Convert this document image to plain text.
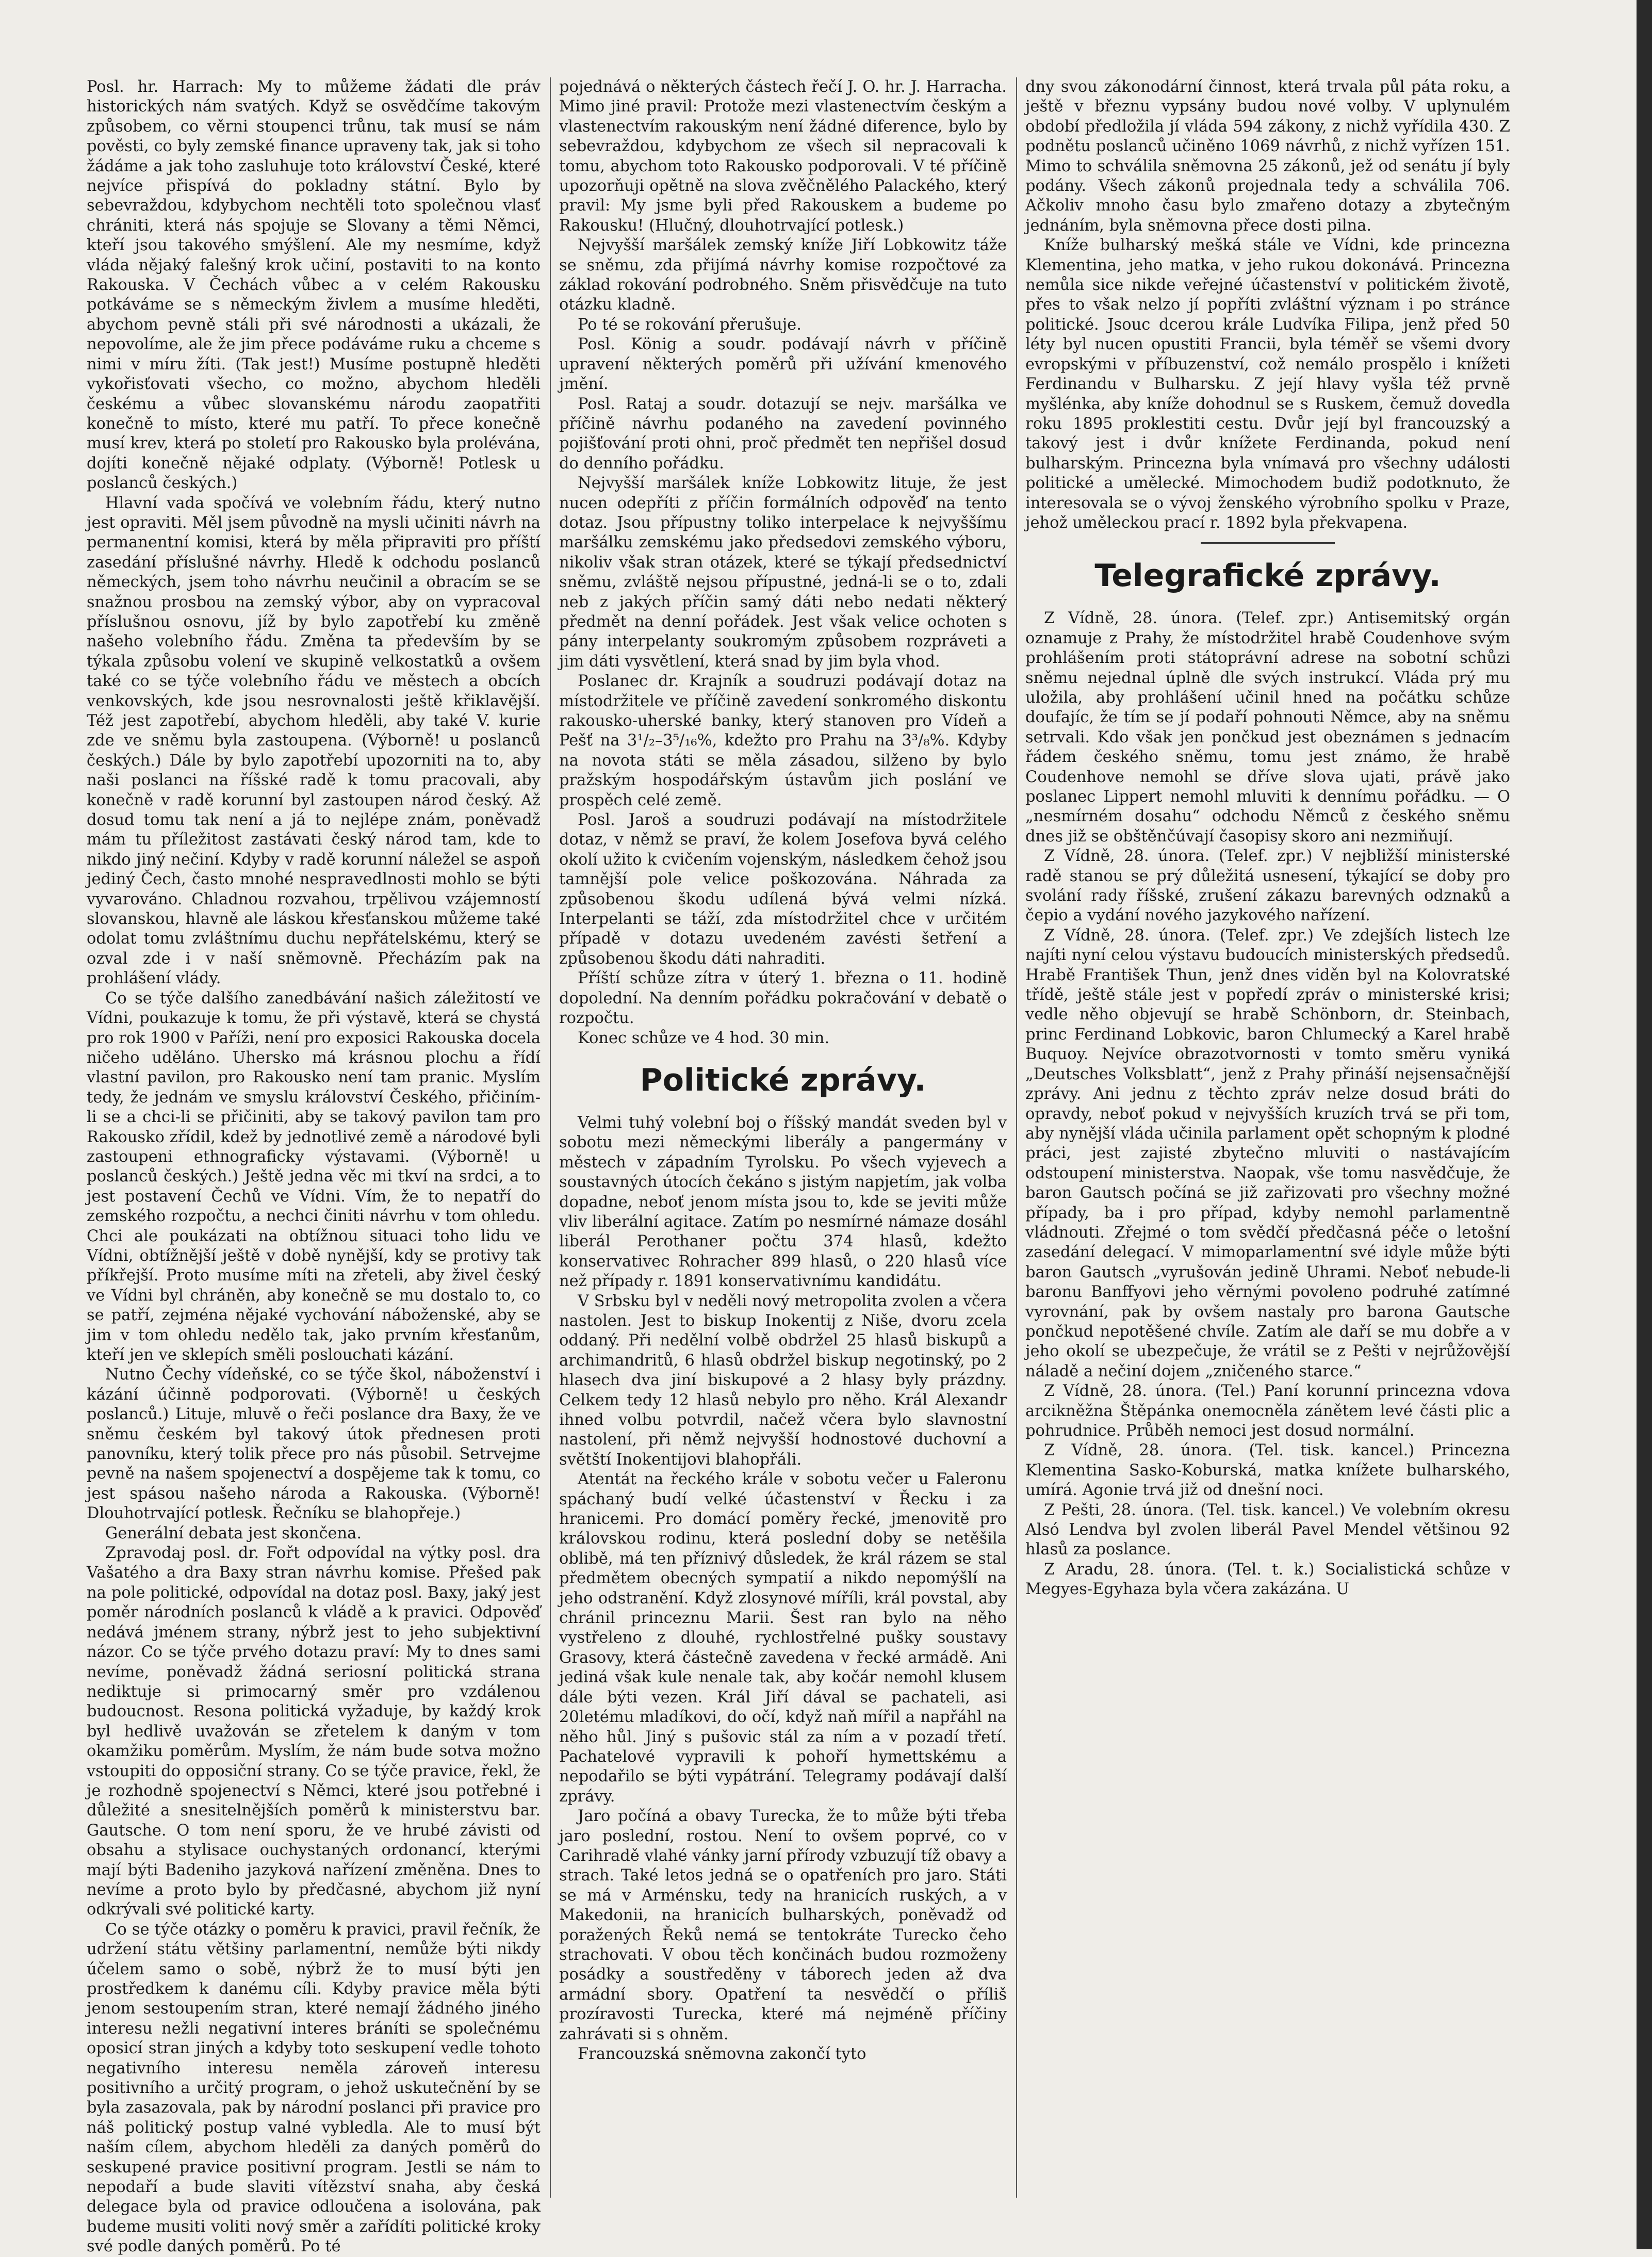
Posl. hr. Harrach: My to můžeme žádati dle práv historických nám svatých. Když se osvědčíme takovým způsobem, co věrni stoupenci trůnu, tak musí se nám pověsti, co byly zemské finance upraveny tak, jak si toho žádáme a jak toho zasluhuje toto království České, které nejvíce přispívá do pokladny státní. Bylo by sebevraždou, kdybychom nechtěli toto společnou vlasť chrániti, která nás spojuje se Slovany a těmi Němci, kteří jsou takového smýšlení. Ale my nesmíme, když vláda nějaký falešný krok učiní, postaviti to na konto Rakouska. V Čechách vůbec a v celém Rakousku potkáváme se s německým živlem a musíme hleděti, abychom pevně stáli při své národnosti a ukázali, že nepovolíme, ale že jim přece podáváme ruku a chceme s nimi v míru žíti. (Tak jest!) Musíme postupně hleděti vykořisťovati všecho, co možno, abychom hleděli českému a vůbec slovanskému národu zaopatřiti konečně to místo, které mu patří. To přece konečně musí krev, která po století pro Rakousko byla prolévána, dojíti konečně nějaké odplaty. (Výborně! Potlesk u poslanců českých.)

Hlavní vada spočívá ve volebním řádu, který nutno jest opraviti. Měl jsem původně na mysli učiniti návrh na permanentní komisi, která by měla připraviti pro příští zasedání příslušné návrhy. Hledě k odchodu poslanců německých, jsem toho návrhu neučinil a obracím se se snažnou prosbou na zemský výbor, aby on vypracoval příslušnou osnovu, jíž by bylo zapotřebí ku změně našeho volebního řádu. Změna ta především by se týkala způsobu volení ve skupině velkostatků a ovšem také co se týče volebního řádu ve městech a obcích venkovských, kde jsou nesrovnalosti ještě křiklavější. Též jest zapotřebí, abychom hleděli, aby také V. kurie zde ve sněmu byla zastoupena. (Výborně! u poslanců českých.) Dále by bylo zapotřebí upozorniti na to, aby naši poslanci na říšské radě k tomu pracovali, aby konečně v radě korunní byl zastoupen národ český. Až dosud tomu tak není a já to nejlépe znám, poněvadž mám tu příležitost zastávati český národ tam, kde to nikdo jiný nečiní. Kdyby v radě korunní náležel se aspoň jediný Čech, často mnohé nespravedlnosti mohlo se býti vyvarováno. Chladnou rozvahou, trpělivou vzájemností slovanskou, hlavně ale láskou křesťanskou můžeme také odolat tomu zvláštnímu duchu nepřátelskému, který se ozval zde i v naší sněmovně. Přecházím pak na prohlášení vlády.

Co se týče dalšího zanedbávání našich záležitostí ve Vídni, poukazuje k tomu, že při výstavě, která se chystá pro rok 1900 v Paříži, není pro exposici Rakouska docela ničeho uděláno. Uhersko má krásnou plochu a řídí vlastní pavilon, pro Rakousko není tam pranic. Myslím tedy, že jednám ve smyslu království Českého, přičiním-li se a chci-li se přičiniti, aby se takový pavilon tam pro Rakousko zřídil, kdež by jednotlivé země a národové byli zastoupeni ethnograficky výstavami. (Výborně! u poslanců českých.) Ještě jedna věc mi tkví na srdci, a to jest postavení Čechů ve Vídni. Vím, že to nepatří do zemského rozpočtu, a nechci činiti návrhu v tom ohledu. Chci ale poukázati na obtížnou situaci toho lidu ve Vídni, obtížnější ještě v době nynější, kdy se protivy tak příkřejší. Proto musíme míti na zřeteli, aby živel český ve Vídni byl chráněn, aby konečně se mu dostalo to, co se patří, zejména nějaké vychování náboženské, aby se jim v tom ohledu nedělo tak, jako prvním křesťanům, kteří jen ve sklepích směli poslouchati kázání.

Nutno Čechy vídeňské, co se týče škol, náboženství i kázání účinně podporovati. (Výborně! u českých poslanců.) Lituje, mluvě o řeči poslance dra Baxy, že ve sněmu českém byl takový útok přednesen proti panovníku, který tolik přece pro nás působil. Setrvejme pevně na našem spojenectví a dospějeme tak k tomu, co jest spásou našeho národa a Rakouska. (Výborně! Dlouhotrvající potlesk. Řečníku se blahopřeje.)

Generální debata jest skončena.

Zpravodaj posl. dr. Fořt odpovídal na výtky posl. dra Vašatého a dra Baxy stran návrhu komise. Přešed pak na pole politické, odpovídal na dotaz posl. Baxy, jaký jest poměr národních poslanců k vládě a k pravici. Odpověď nedává jménem strany, nýbrž jest to jeho subjektivní názor. Co se týče prvého dotazu praví: My to dnes sami nevíme, poněvadž žádná seriosní politická strana nediktuje si primocarný směr pro vzdálenou budoucnost. Resona politická vyžaduje, by každý krok byl hedlivě uvažován se zřetelem k daným v tom okamžiku poměrům. Myslím, že nám bude sotva možno vstoupiti do opposiční strany. Co se týče pravice, řekl, že je rozhodně spojenectví s Němci, které jsou potřebné i důležité a snesitelnějších poměrů k ministerstvu bar. Gautsche. O tom není sporu, že ve hrubé závisti od obsahu a stylisace ouchystaných ordonancí, kterými mají býti Badeniho jazyková nařízení změněna. Dnes to nevíme a proto bylo by předčasné, abychom již nyní odkrývali své politické karty.

Co se týče otázky o poměru k pravici, pravil řečník, že udržení státu většiny parlamentní, nemůže býti nikdy účelem samo o sobě, nýbrž že to musí býti jen prostředkem k danému cíli. Kdyby pravice měla býti jenom sestoupením stran, které nemají žádného jiného interesu nežli negativní interes bráníti se společnému oposicí stran jiných a kdyby toto seskupení vedle tohoto negativního interesu neměla zároveň interesu positivního a určitý program, o jehož uskutečnění by se byla zasazovala, pak by národní poslanci při pravice pro náš politický postup valné vybledla. Ale to musí být naším cílem, abychom hleděli za daných poměrů do seskupené pravice positivní program. Jestli se nám to nepodaří a bude slaviti vítězství snaha, aby česká delegace byla od pravice odloučena a isolována, pak budeme musiti voliti nový směr a zařídíti politické kroky své podle daných poměrů. Po té

pojednává o některých částech řečí J. O. hr. J. Harracha. Mimo jiné pravil: Protože mezi vlastenectvím českým a vlastenectvím rakouským není žádné diference, bylo by sebevraždou, kdybychom ze všech sil nepracovali k tomu, abychom toto Rakousko podporovali. V té příčině upozorňuji opětně na slova zvěčnělého Palackého, který pravil: My jsme byli před Rakouskem a budeme po Rakousku! (Hlučný, dlouhotrvající potlesk.)

Nejvyšší maršálek zemský kníže Jiří Lobkowitz táže se sněmu, zda přijímá návrhy komise rozpočtové za základ rokování podrobného. Sněm přisvědčuje na tuto otázku kladně.

Po té se rokování přerušuje.

Posl. König a soudr. podávají návrh v příčině upravení některých poměrů při užívání kmenového jmění.

Posl. Rataj a soudr. dotazují se nejv. maršálka ve příčině návrhu podaného na zavedení povinného pojišťování proti ohni, proč předmět ten nepřišel dosud do denního pořádku.

Nejvyšší maršálek kníže Lobkowitz lituje, že jest nucen odepříti z příčin formálních odpověď na tento dotaz. Jsou přípustny toliko interpelace k nejvyššímu maršálku zemskému jako předsedovi zemského výboru, nikoliv však stran otázek, které se týkají předsednictví sněmu, zvláště nejsou přípustné, jedná-li se o to, zdali neb z jakých příčin samý dáti nebo nedati některý předmět na denní pořádek. Jest však velice ochoten s pány interpelanty soukromým způsobem rozpráveti a jim dáti vysvětlení, která snad by jim byla vhod.

Poslanec dr. Krajník a soudruzi podávají dotaz na místodržitele ve příčině zavedení sonkromého diskontu rakousko-uherské banky, který stanoven pro Vídeň a Pešť na 3¹/₂–3⁵/₁₆%, kdežto pro Prahu na 3³/₈%. Kdyby na novota státi se měla zásadou, silženo by bylo pražským hospodářským ústavům jich poslání ve prospěch celé země.

Posl. Jaroš a soudruzi podávají na místodržitele dotaz, v němž se praví, že kolem Josefova byvá celého okolí užito k cvičením vojenským, následkem čehož jsou tamnější pole velice poškozována. Náhrada za způsobenou škodu udílená bývá velmi nízká. Interpelanti se táží, zda místodržitel chce v určitém případě v dotazu uvedeném zavésti šetření a způsobenou škodu dáti nahraditi.

Příští schůze zítra v úterý 1. března o 11. hodině dopolední. Na denním pořádku pokračování v debatě o rozpočtu.

Konec schůze ve 4 hod. 30 min.

Politické zprávy.

Velmi tuhý volební boj o říšský mandát sveden byl v sobotu mezi německými liberály a pangermány v městech v západním Tyrolsku. Po všech vyjevech a soustavných útocích čekáno s jistým napjetím, jak volba dopadne, neboť jenom místa jsou to, kde se jeviti může vliv liberální agitace. Zatím po nesmírné námaze dosáhl liberál Perothaner počtu 374 hlasů, kdežto konservativec Rohracher 899 hlasů, o 220 hlasů více než případy r. 1891 konservativnímu kandidátu.

V Srbsku byl v neděli nový metropolita zvolen a včera nastolen. Jest to biskup Inokentij z Niše, dvoru zcela oddaný. Při nedělní volbě obdržel 25 hlasů biskupů a archimandritů, 6 hlasů obdržel biskup negotinský, po 2 hlasech dva jiní biskupové a 2 hlasy byly prázdny. Celkem tedy 12 hlasů nebylo pro něho. Král Alexandr ihned volbu potvrdil, načež včera bylo slavnostní nastolení, při němž nejvyšší hodnostové duchovní a světští Inokentijovi blahopřáli.

Atentát na řeckého krále v sobotu večer u Faleronu spáchaný budí velké účastenství v Řecku i za hranicemi. Pro domácí poměry řecké, jmenovitě pro královskou rodinu, která poslední doby se netěšila oblibě, má ten příznivý důsledek, že král rázem se stal předmětem obecných sympatií a nikdo nepomýšlí na jeho odstranění. Když zlosynové míříli, král povstal, aby chránil princeznu Marii. Šest ran bylo na něho vystřeleno z dlouhé, rychlostřelné pušky soustavy Grasovy, která částečně zavedena v řecké armádě. Ani jediná však kule nenale tak, aby kočár nemohl klusem dále býti vezen. Král Jiří dával se pachateli, asi 20letému mladíkovi, do očí, když naň mířil a napřáhl na něho hůl. Jiný s pušovic stál za ním a v pozadí třetí. Pachatelové vypravili k pohoří hymettskému a nepodařilo se býti vypátrání. Telegramy podávají další zprávy.

Jaro počíná a obavy Turecka, že to může býti třeba jaro poslední, rostou. Není to ovšem poprvé, co v Carihradě vlahé vánky jarní přírody vzbuzují tíž obavy a strach. Také letos jedná se o opatřeních pro jaro. Státi se má v Arménsku, tedy na hranicích ruských, a v Makedonii, na hranicích bulharských, poněvadž od poražených Řeků nemá se tentokráte Turecko čeho strachovati. V obou těch končinách budou rozmoženy posádky a soustředěny v táborech jeden až dva armádní sbory. Opatření ta nesvědčí o příliš prozíravosti Turecka, které má nejméně příčiny zahrávati si s ohněm.

Francouzská sněmovna zakončí tyto

dny svou zákonodární činnost, která trvala půl páta roku, a ještě v březnu vypsány budou nové volby. V uplynulém období předložila jí vláda 594 zákony, z nichž vyřídila 430. Z podnětu poslanců učiněno 1069 návrhů, z nichž vyřízen 151. Mimo to schválila sněmovna 25 zákonů, jež od senátu jí byly podány. Všech zákonů projednala tedy a schválila 706. Ačkoliv mnoho času bylo zmařeno dotazy a zbytečným jednáním, byla sněmovna přece dosti pilna.

Kníže bulharský mešká stále ve Vídni, kde princezna Klementina, jeho matka, v jeho rukou dokonává. Princezna nemůla sice nikde veřejné účastenství v politickém životě, přes to však nelzo jí popříti zvláštní význam i po stránce politické. Jsouc dcerou krále Ludvíka Filipa, jenž před 50 léty byl nucen opustiti Francii, byla téměř se všemi dvory evropskými v příbuzenství, což nemálo prospělo i knížeti Ferdinandu v Bulharsku. Z její hlavy vyšla též prvně myšlénka, aby kníže dohodnul se s Ruskem, čemuž dovedla roku 1895 proklestiti cestu. Dvůr její byl francouzský a takový jest i dvůr knížete Ferdinanda, pokud není bulharským. Princezna byla vnímavá pro všechny události politické a umělecké. Mimochodem budiž podotknuto, že interesovala se o vývoj ženského výrobního spolku v Praze, jehož uměleckou prací r. 1892 byla překvapena.

Telegrafické zprávy.

Z Vídně, 28. února. (Telef. zpr.) Antisemitský orgán oznamuje z Prahy, že místodržitel hrabě Coudenhove svým prohlášením proti státoprávní adrese na sobotní schůzi sněmu nejednal úplně dle svých instrukcí. Vláda prý mu uložila, aby prohlášení učinil hned na počátku schůze doufajíc, že tím se jí podaří pohnouti Němce, aby na sněmu setrvali. Kdo však jen pončkud jest obeznámen s jednacím řádem českého sněmu, tomu jest známo, že hrabě Coudenhove nemohl se dříve slova ujati, právě jako poslanec Lippert nemohl mluviti k dennímu pořádku. — O „nesmírném dosahu“ odchodu Němců z českého sněmu dnes již se obštěnčúvají časopisy skoro ani nezmiňují.

Z Vídně, 28. února. (Telef. zpr.) V nejbližší ministerské radě stanou se prý důležitá usnesení, týkající se doby pro svolání rady říšské, zrušení zákazu barevných odznaků a čepio a vydání nového jazykového nařízení.

Z Vídně, 28. února. (Telef. zpr.) Ve zdejších listech lze najíti nyní celou výstavu budoucích ministerských předsedů. Hrabě František Thun, jenž dnes viděn byl na Kolovratské třídě, ještě stále jest v popředí zpráv o ministerské krisi; vedle něho objevují se hrabě Schönborn, dr. Steinbach, princ Ferdinand Lobkovic, baron Chlumecký a Karel hrabě Buquoy. Nejvíce obrazotvornosti v tomto směru vyniká „Deutsches Volksblatt“, jenž z Prahy přináší nejsensačnější zprávy. Ani jednu z těchto zpráv nelze dosud bráti do opravdy, neboť pokud v nejvyšších kruzích trvá se při tom, aby nynější vláda učinila parlament opět schopným k plodné práci, jest zajisté zbytečno mluviti o nastávajícím odstoupení ministerstva. Naopak, vše tomu nasvědčuje, že baron Gautsch počíná se již zařizovati pro všechny možné případy, ba i pro případ, kdyby nemohl parlamentně vládnouti. Zřejmé o tom svědčí předčasná péče o letošní zasedání delegací. V mimoparlamentní své idyle může býti baron Gautsch „vyrušován jedině Uhrami. Neboť nebude-li baronu Banffyovi jeho věrnými povoleno podruhé zatímné vyrovnání, pak by ovšem nastaly pro barona Gautsche pončkud nepotěšené chvíle. Zatím ale daří se mu dobře a v jeho okolí se ubezpečuje, že vrátil se z Pešti v nejrůžovější náladě a nečiní dojem „zničeného starce.“

Z Vídně, 28. února. (Tel.) Paní korunní princezna vdova arcikněžna Štěpánka onemocněla zánětem levé části plic a pohrudnice. Průběh nemoci jest dosud normální.

Z Vídně, 28. února. (Tel. tisk. kancel.) Princezna Klementina Sasko-Koburská, matka knížete bulharského, umírá. Agonie trvá již od dnešní noci.

Z Pešti, 28. února. (Tel. tisk. kancel.) Ve volebním okresu Alsó Lendva byl zvolen liberál Pavel Mendel většinou 92 hlasů za poslance.

Z Aradu, 28. února. (Tel. t. k.) Socialistická schůze v Megyes-Egyhaza byla včera zakázána. U
